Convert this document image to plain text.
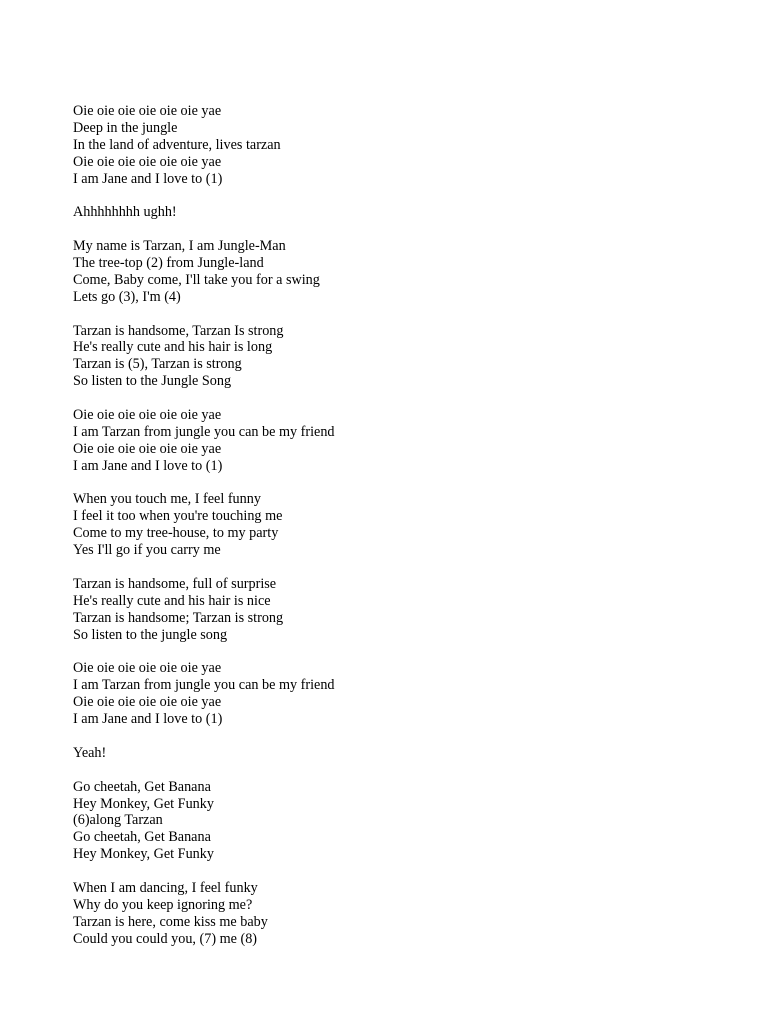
Oie oie oie oie oie oie yae
Deep in the jungle
In the land of adventure, lives tarzan
Oie oie oie oie oie oie yae
I am Jane and I love to (1)
Ahhhhhhhh ughh!
My name is Tarzan, I am Jungle-Man
The tree-top (2) from Jungle-land
Come, Baby come, I'll take you for a swing
Lets go (3), I'm (4)
Tarzan is handsome, Tarzan Is strong
He's really cute and his hair is long
Tarzan is (5), Tarzan is strong
So listen to the Jungle Song
Oie oie oie oie oie oie yae
I am Tarzan from jungle you can be my friend
Oie oie oie oie oie oie yae
I am Jane and I love to (1)
When you touch me, I feel funny
I feel it too when you're touching me
Come to my tree-house, to my party
Yes I'll go if you carry me
Tarzan is handsome, full of surprise
He's really cute and his hair is nice
Tarzan is handsome; Tarzan is strong
So listen to the jungle song
Oie oie oie oie oie oie yae
I am Tarzan from jungle you can be my friend
Oie oie oie oie oie oie yae
I am Jane and I love to (1)
Yeah!
Go cheetah, Get Banana
Hey Monkey, Get Funky
(6)along Tarzan
Go cheetah, Get Banana
Hey Monkey, Get Funky
When I am dancing, I feel funky
Why do you keep ignoring me?
Tarzan is here, come kiss me baby
Could you could you, (7) me (8)
